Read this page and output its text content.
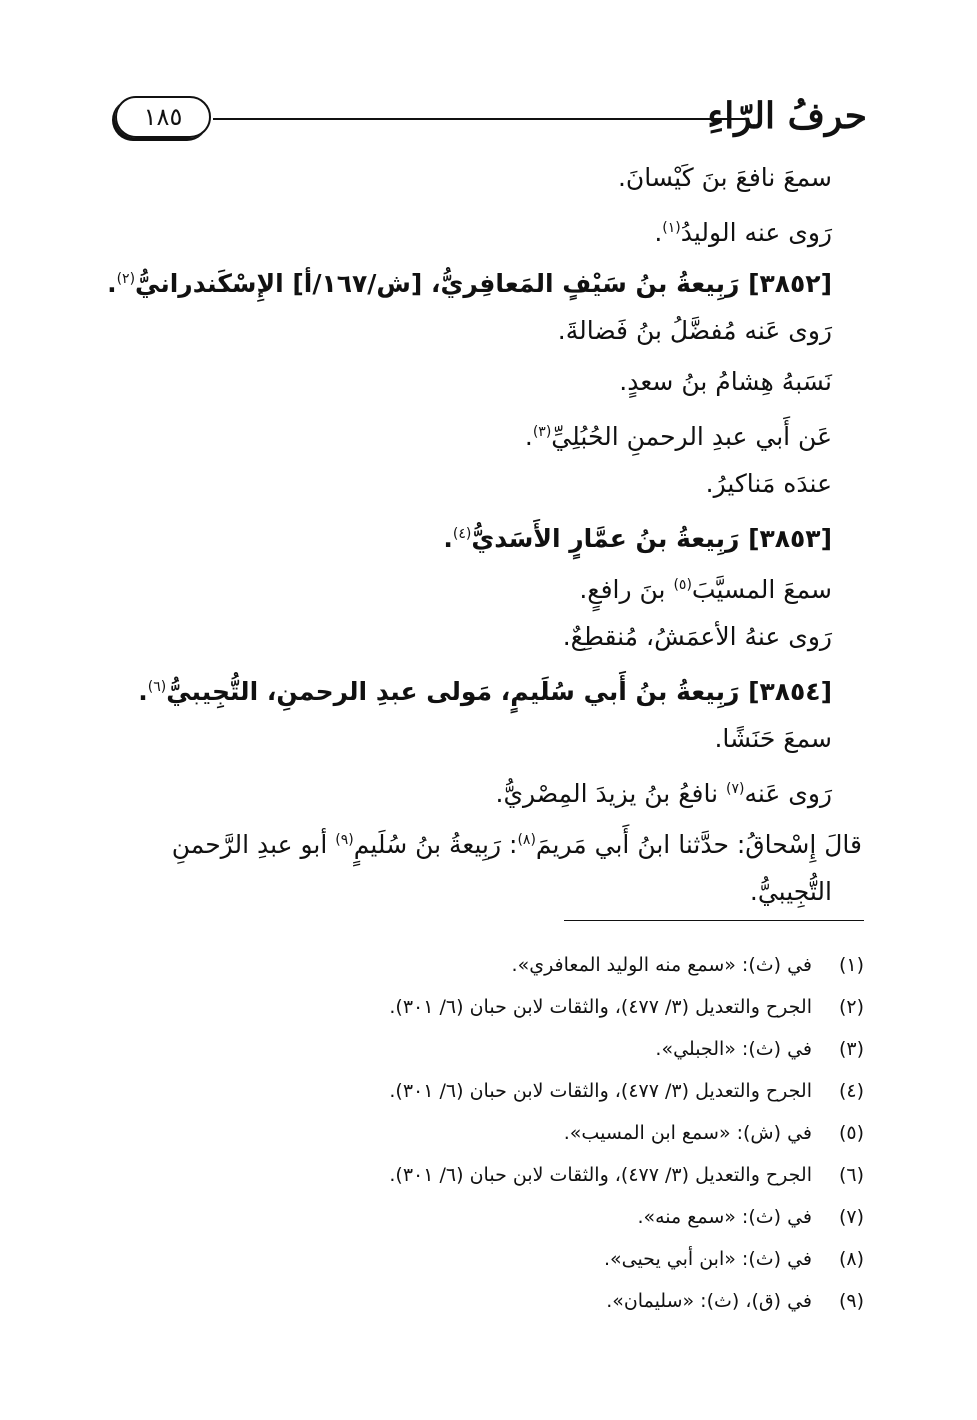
حرفُ الرّاءِ
١٨٥
سمعَ نافعَ بنَ كَيْسانَ.
رَوى عنه الوليدُ$^{(١)}$.
[٣٨٥٢] رَبِيعةُ بنُ سَيْفٍ المَعافِريُّ، [ش/١٦٧/أ] الإِسْكَندرانيُّ$^{(٢)}$.
رَوى عَنه مُفضَّلُ بنُ فَضالةَ.
نَسَبهُ هِشامُ بنُ سعدٍ.
عَن أَبي عبدِ الرحمنِ الحُبُلِيِّ$^{(٣)}$.
عندَه مَناكيرُ.
[٣٨٥٣] رَبِيعةُ بنُ عمَّارٍ الأَسَديُّ$^{(٤)}$.
سمعَ المسيَّبَ$^{(٥)}$ بنَ رافعٍ.
رَوى عنهُ الأعمَشُ، مُنقطِعٌ.
[٣٨٥٤] رَبِيعةُ بنُ أَبي سُلَيمٍ، مَولى عبدِ الرحمنِ، التُّجِيبيُّ$^{(٦)}$.
سمعَ حَنَشًا.
رَوى عَنه$^{(٧)}$ نافعُ بنُ يزيدَ المِصْريُّ.
قالَ إِسْحاقُ: حدَّثنا ابنُ أَبي مَريمَ$^{(٨)}$: رَبِيعةُ بنُ سُلَيمٍ$^{(٩)}$ أبو عبدِ الرَّحمنِ
التُّجِيبيُّ.
(١)في (ث): «سمع منه الوليد المعافري».
(٢)الجرح والتعديل (٣/ ٤٧٧)، والثقات لابن حبان (٦/ ٣٠١).
(٣)في (ث): «الجبلي».
(٤)الجرح والتعديل (٣/ ٤٧٧)، والثقات لابن حبان (٦/ ٣٠١).
(٥)في (ش): «سمع ابن المسيب».
(٦)الجرح والتعديل (٣/ ٤٧٧)، والثقات لابن حبان (٦/ ٣٠١).
(٧)في (ث): «سمع منه».
(٨)في (ث): «ابن أبي يحيى».
(٩)في (ق)، (ث): «سليمان».
